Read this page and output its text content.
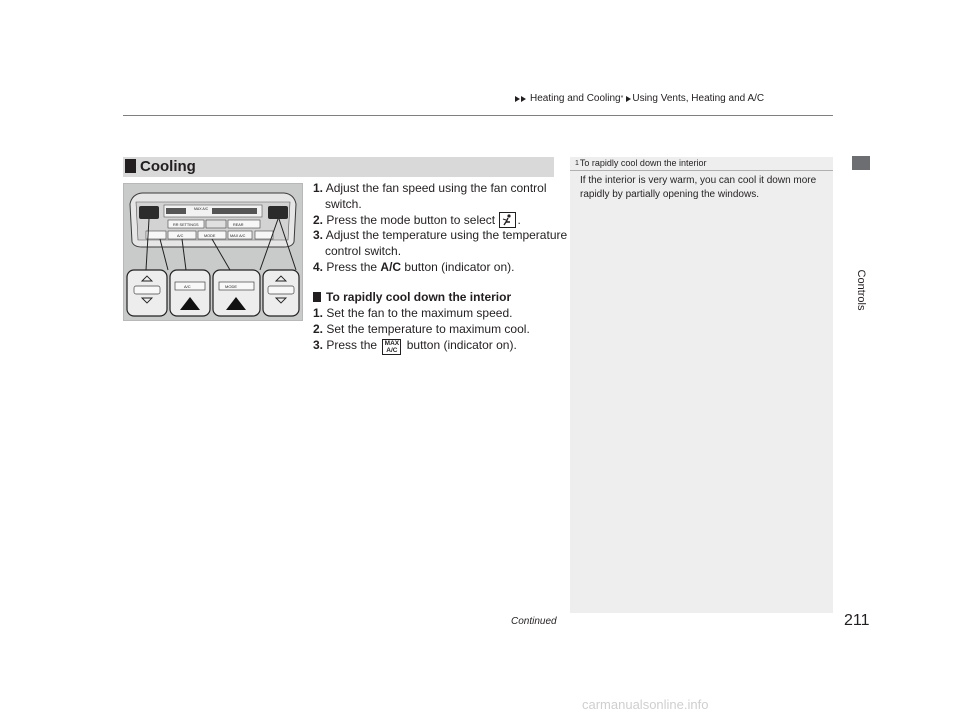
Heating and Cooling * Using Vents, Heating and A/C
Controls
Cooling	1To rapidly cool down the interior
If the interior is very warm, you can cool it down more rapidly by partially opening the windows.
MAX A/C
RR SETTINGS	REAR
A/C	MODE	MAX A/C
A/C	MODE
1. Adjust the fan speed using the fan control switch.
2. Press the mode button to select .
3. Adjust the temperature using the temperature control switch.
4. Press the A/C button (indicator on).
To rapidly cool down the interior
1. Set the fan to the maximum speed.
2. Set the temperature to maximum cool.
3. Press the MAX
A/C button (indicator on).
Continued	211
carmanualsonline.info
